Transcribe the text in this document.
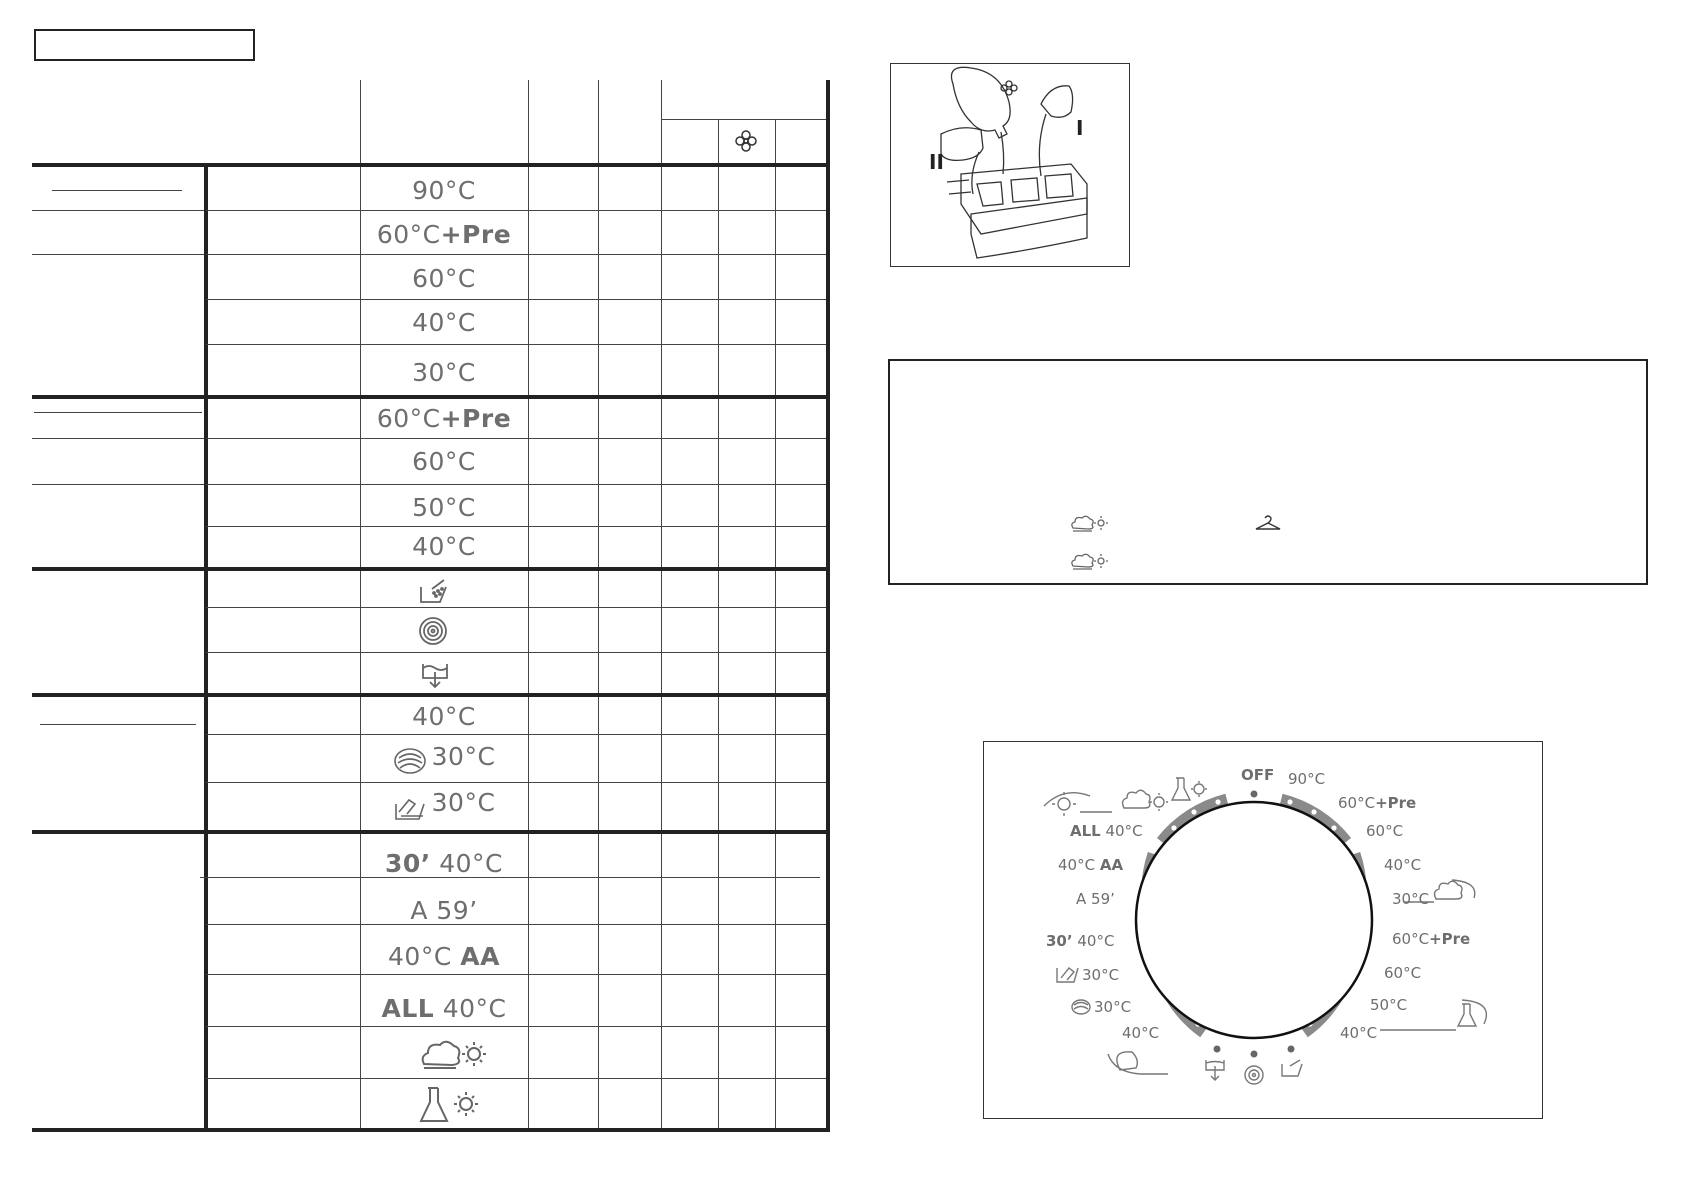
90°C
60°C+Pre
60°C
40°C
30°C
60°C+Pre
60°C
50°C
40°C
40°C
30°C
30°C
30’ 40°C
A 59’
40°C AA
ALL 40°C
I
II
OFF 90°C
60°C+Pre
60°C
40°C
30°C
60°C+Pre
60°C
50°C
40°C
ALL 40°C
40°C AA
A 59’
30’ 40°C
30°C
30°C
40°C
